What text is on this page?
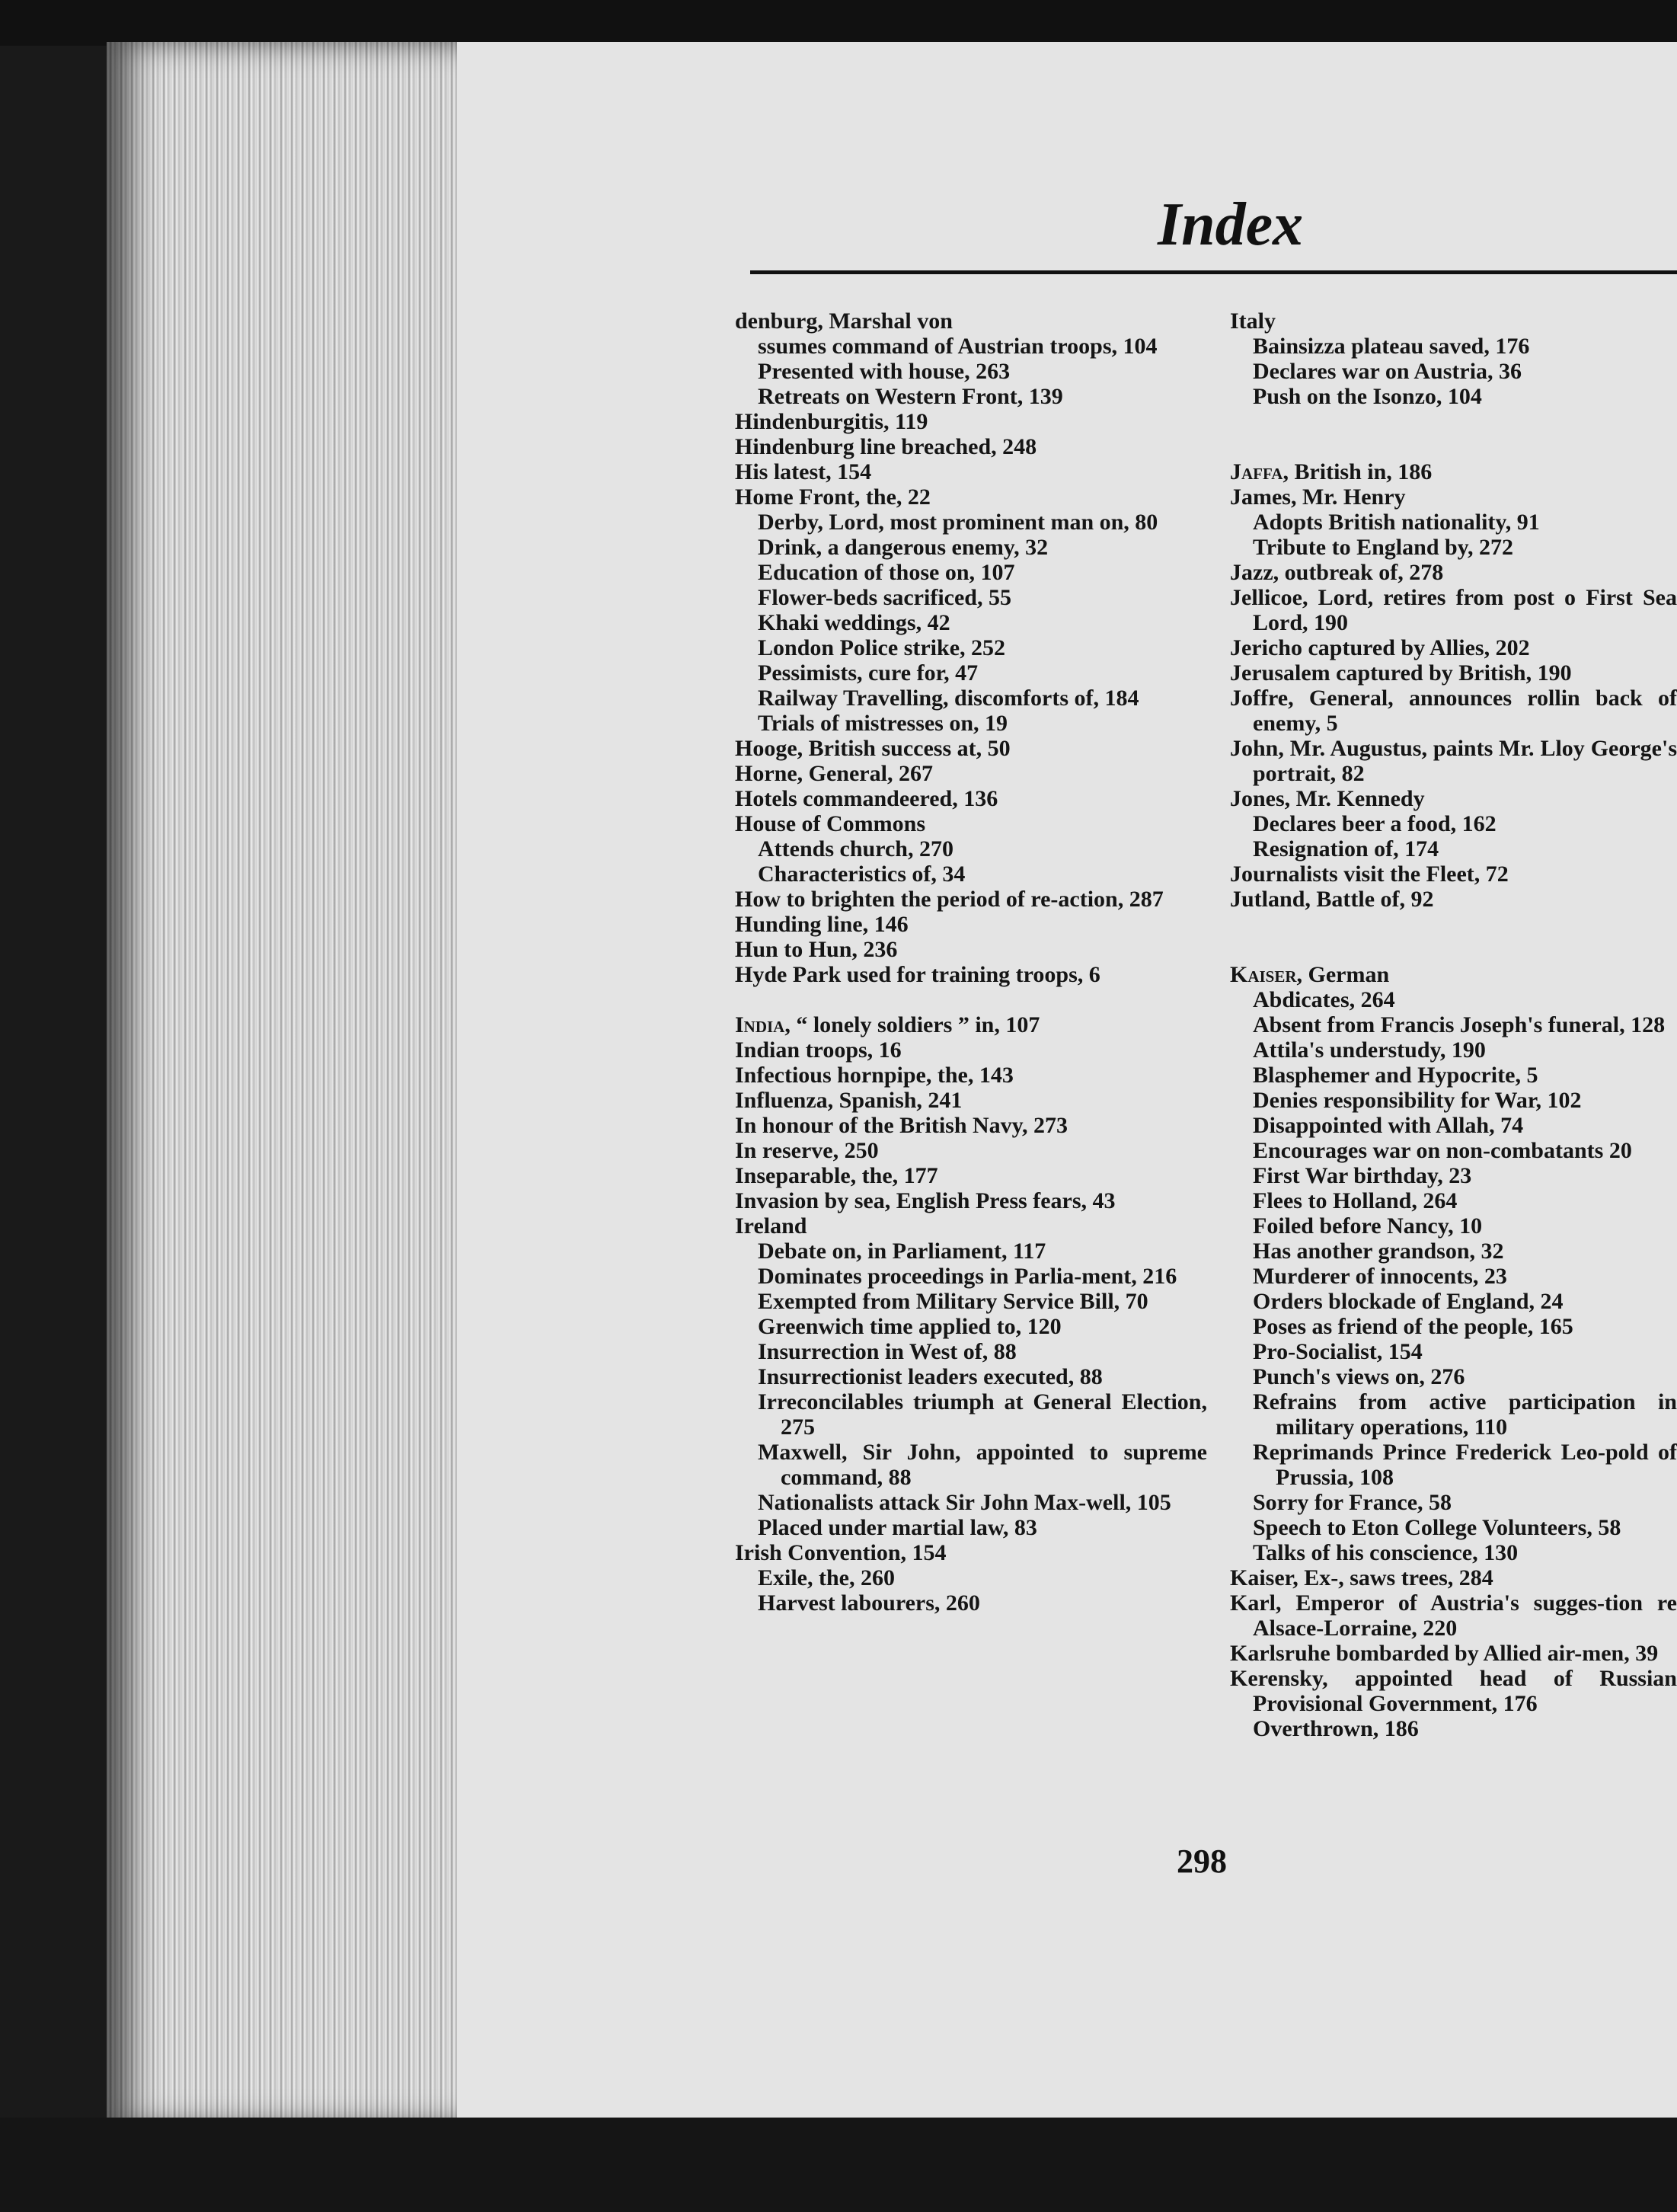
Index
denburg, Marshal von
ssumes command of Austrian troops, 104
Presented with house, 263
Retreats on Western Front, 139
Hindenburgitis, 119
Hindenburg line breached, 248
His latest, 154
Home Front, the, 22
Derby, Lord, most prominent man on, 80
Drink, a dangerous enemy, 32
Education of those on, 107
Flower-beds sacrificed, 55
Khaki weddings, 42
London Police strike, 252
Pessimists, cure for, 47
Railway Travelling, discomforts of, 184
Trials of mistresses on, 19
Hooge, British success at, 50
Horne, General, 267
Hotels commandeered, 136
House of Commons
Attends church, 270
Characteristics of, 34
How to brighten the period of re-action, 287
Hunding line, 146
Hun to Hun, 236
Hyde Park used for training troops, 6
India, “ lonely soldiers ” in, 107
Indian troops, 16
Infectious hornpipe, the, 143
Influenza, Spanish, 241
In honour of the British Navy, 273
In reserve, 250
Inseparable, the, 177
Invasion by sea, English Press fears, 43
Ireland
Debate on, in Parliament, 117
Dominates proceedings in Parlia-ment, 216
Exempted from Military Service Bill, 70
Greenwich time applied to, 120
Insurrection in West of, 88
Insurrectionist leaders executed, 88
Irreconcilables triumph at General Election, 275
Maxwell, Sir John, appointed to supreme command, 88
Nationalists attack Sir John Max-well, 105
Placed under martial law, 83
Irish Convention, 154
Exile, the, 260
Harvest labourers, 260
Italy
Bainsizza plateau saved, 176
Declares war on Austria, 36
Push on the Isonzo, 104
Jaffa, British in, 186
James, Mr. Henry
Adopts British nationality, 91
Tribute to England by, 272
Jazz, outbreak of, 278
Jellicoe, Lord, retires from post o First Sea Lord, 190
Jericho captured by Allies, 202
Jerusalem captured by British, 190
Joffre, General, announces rollin back of enemy, 5
John, Mr. Augustus, paints Mr. Lloy George's portrait, 82
Jones, Mr. Kennedy
Declares beer a food, 162
Resignation of, 174
Journalists visit the Fleet, 72
Jutland, Battle of, 92
Kaiser, German
Abdicates, 264
Absent from Francis Joseph's funeral, 128
Attila's understudy, 190
Blasphemer and Hypocrite, 5
Denies responsibility for War, 102
Disappointed with Allah, 74
Encourages war on non-combatants 20
First War birthday, 23
Flees to Holland, 264
Foiled before Nancy, 10
Has another grandson, 32
Murderer of innocents, 23
Orders blockade of England, 24
Poses as friend of the people, 165
Pro-Socialist, 154
Punch's views on, 276
Refrains from active participation in military operations, 110
Reprimands Prince Frederick Leo-pold of Prussia, 108
Sorry for France, 58
Speech to Eton College Volunteers, 58
Talks of his conscience, 130
Kaiser, Ex-, saws trees, 284
Karl, Emperor of Austria's sugges-tion re Alsace-Lorraine, 220
Karlsruhe bombarded by Allied air-men, 39
Kerensky, appointed head of Russian Provisional Government, 176
Overthrown, 186
298
